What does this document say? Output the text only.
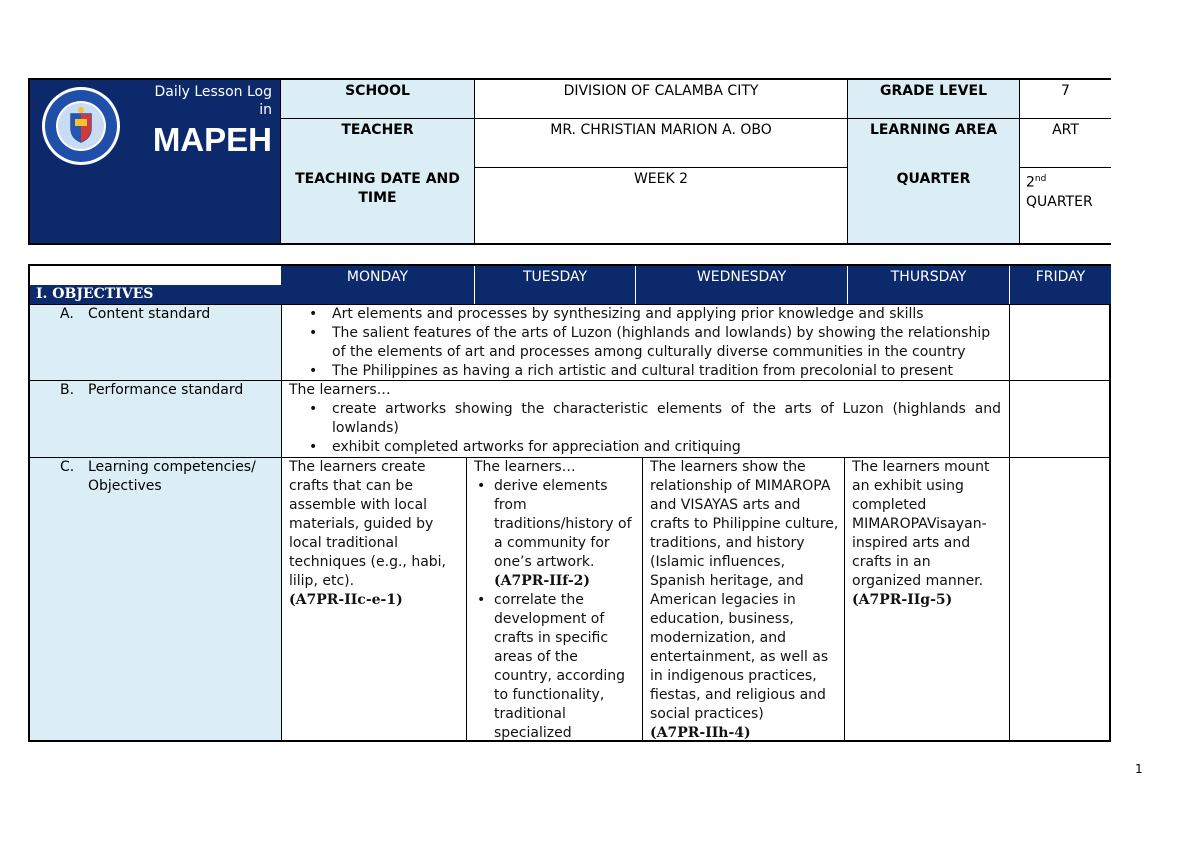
Daily Lesson Log
in
MAPEH
SCHOOL	DIVISION OF CALAMBA CITY	GRADE LEVEL	7
TEACHER	MR. CHRISTIAN MARION A. OBO	LEARNING AREA	ART
TEACHING DATE AND TIME
WEEK 2	QUARTER	2nd
QUARTER
I. OBJECTIVES
MONDAY	TUESDAY	WEDNESDAY	THURSDAY	FRIDAY
A. Content standard
•	Art elements and processes by synthesizing and applying prior knowledge and skills
• The salient features of the arts of Luzon (highlands and lowlands) by showing the relationship of the elements of art and processes among culturally diverse communities in the country
• The Philippines as having a rich artistic and cultural tradition from precolonial to present
B. Performance standard	The learners…
• create artworks showing the characteristic elements of the arts of Luzon (highlands and lowlands)
• exhibit completed artworks for appreciation and critiquing
C. Learning competencies/
Objectives
The learners create crafts that can be assemble with local materials, guided by local traditional techniques (e.g., habi, lilip, etc).
(A7PR-IIc-e-1)
The learners…
• derive elements from traditions/history of a community for one’s artwork.
(A7PR-IIf-2)
• correlate the development of crafts in specific areas of the country, according to functionality, traditional specialized
The learners show the relationship of MIMAROPA and VISAYAS arts and crafts to Philippine culture, traditions, and history (Islamic influences, Spanish heritage, and American legacies in education, business, modernization, and entertainment, as well as in indigenous practices, fiestas, and religious and social practices)
(A7PR-IIh-4)
The learners mount an exhibit using completed MIMAROPAVisayan-inspired arts and crafts in an organized manner. (A7PR-IIg-5)
1
